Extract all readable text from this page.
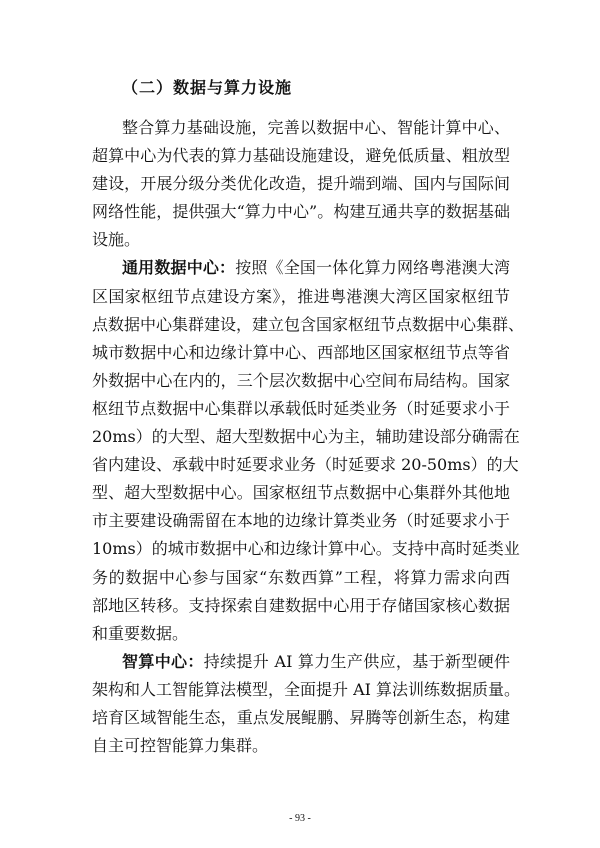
（二）数据与算力设施

整合算力基础设施，完善以数据中心、智能计算中心、
超算中心为代表的算力基础设施建设，避免低质量、粗放型
建设，开展分级分类优化改造，提升端到端、国内与国际间
网络性能，提供强大“算力中心”。构建互通共享的数据基础
设施。

通用数据中心：按照《全国一体化算力网络粤港澳大湾
区国家枢纽节点建设方案》，推进粤港澳大湾区国家枢纽节
点数据中心集群建设，建立包含国家枢纽节点数据中心集群、
城市数据中心和边缘计算中心、西部地区国家枢纽节点等省
外数据中心在内的，三个层次数据中心空间布局结构。国家
枢纽节点数据中心集群以承载低时延类业务（时延要求小于
20ms）的大型、超大型数据中心为主，辅助建设部分确需在
省内建设、承载中时延要求业务（时延要求 20-50ms）的大
型、超大型数据中心。国家枢纽节点数据中心集群外其他地
市主要建设确需留在本地的边缘计算类业务（时延要求小于
10ms）的城市数据中心和边缘计算中心。支持中高时延类业
务的数据中心参与国家“东数西算”工程，将算力需求向西
部地区转移。支持探索自建数据中心用于存储国家核心数据
和重要数据。

智算中心：持续提升 AI 算力生产供应，基于新型硬件
架构和人工智能算法模型，全面提升 AI 算法训练数据质量。
培育区域智能生态，重点发展鲲鹏、昇腾等创新生态，构建
自主可控智能算力集群。

- 93 -
